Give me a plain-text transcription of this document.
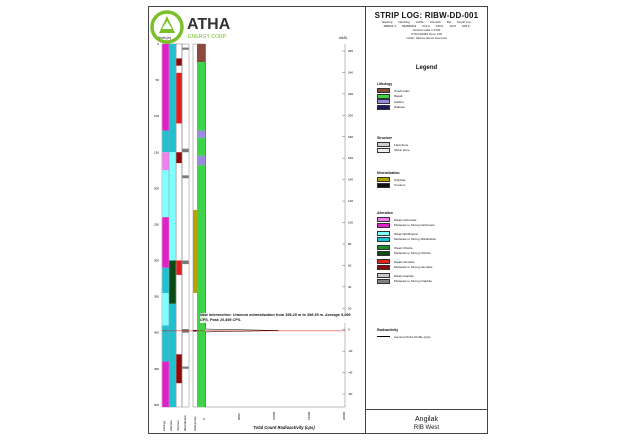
0
50
100
150
200
250
300
350
400
450
500
Depth (m)
260
240
220
200
180
160
140
120
100
80
60
40
20
0
-20
-40
-60
mASL
0	5000	10000	15000	20000
Lithology	Alteration	Structure	Mineralization	Radioactivity
New Intersection: Uranium mineralization from 396.25 m to 398.35 m. Average 5,699 CPS, Peak 10,495 CPS.
Total Count Radioactivity (cps)
STRIP LOG: RIBW-DD-001
Easting Northing mASL Azimuth Dip Depth (m)
486601.3 6928468.9 274.0 150.0 -50.0 503.0
Vertical scale 1:2700
UTM NAD83 Zone 14N
mASL: Metres above sea level
Legend
ATHA
ENERGY CORP.
Angilak
RIB West
Lithology
Overburden
Basalt
Gabbro
Diabase
Structure
Fault Zone
Shear Zone
Mineralization
Sulphide
Uranium
Alteration
Weak Carbonate
Moderate to Strong Carbonate
Weak Silicification
Moderate to Strong Silicification
Weak Chlorite
Moderate to Strong Chlorite
Weak Hematite
Moderate to Strong Hematite
Weak Graphite
Moderate to Strong Graphite
Radioactivity
Gamma Probe Profile (cps)
